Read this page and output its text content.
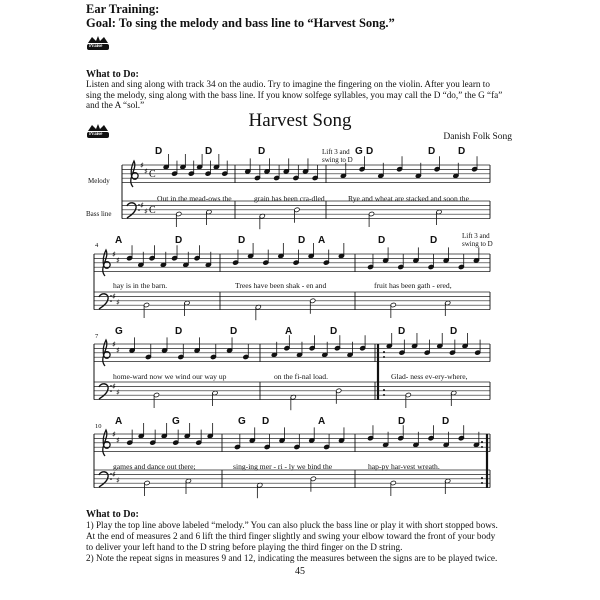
Ear Training:
Goal: To sing the melody and bass line to “Harvest Song.”
Praise
What to Do:
Listen and sing along with track 34 on the audio. Try to imagine the fingering on the violin. After you learn to sing the melody, sing along with the bass line. If you know solfege syllables, you may call the D “do,” the G “fa” and the A “sol.”
Praise
Harvest Song
Danish Folk Song
Melody
Bass line
Lift 3 and
swing to D
Lift 3 and
swing to D
4
7
10
D	D	D	G D	D D
A	D	D	D A	D	D
G	D	D	A	D	D	D
A	G	G D	A	D	D
Out in the mead-ows the	grain has been cra-dled	Rye and wheat are stacked and soon the
hay is in the barn.	Trees have been shak - en and	fruit has been gath - ered,
home-ward now we wind our way up	on the fi-nal load.	Glad- ness ev-ery-where,
games and dance out there;	sing-ing mer - ri - ly we bind the	hap-py har-vest wreath.
♯
♯
♯
♯
C
C
♯
♯
♯
♯
♯
♯
♯
♯
♯
♯
♯
♯
What to Do:
1) Play the top line above labeled “melody.” You can also pluck the bass line or play it with short stopped bows.
At the end of measures 2 and 6 lift the third finger slightly and swing your elbow toward the front of your body
to deliver your left hand to the D string before playing the third finger on the D string.
2) Note the repeat signs in measures 9 and 12, indicating the measures between the signs are to be played twice.
45
